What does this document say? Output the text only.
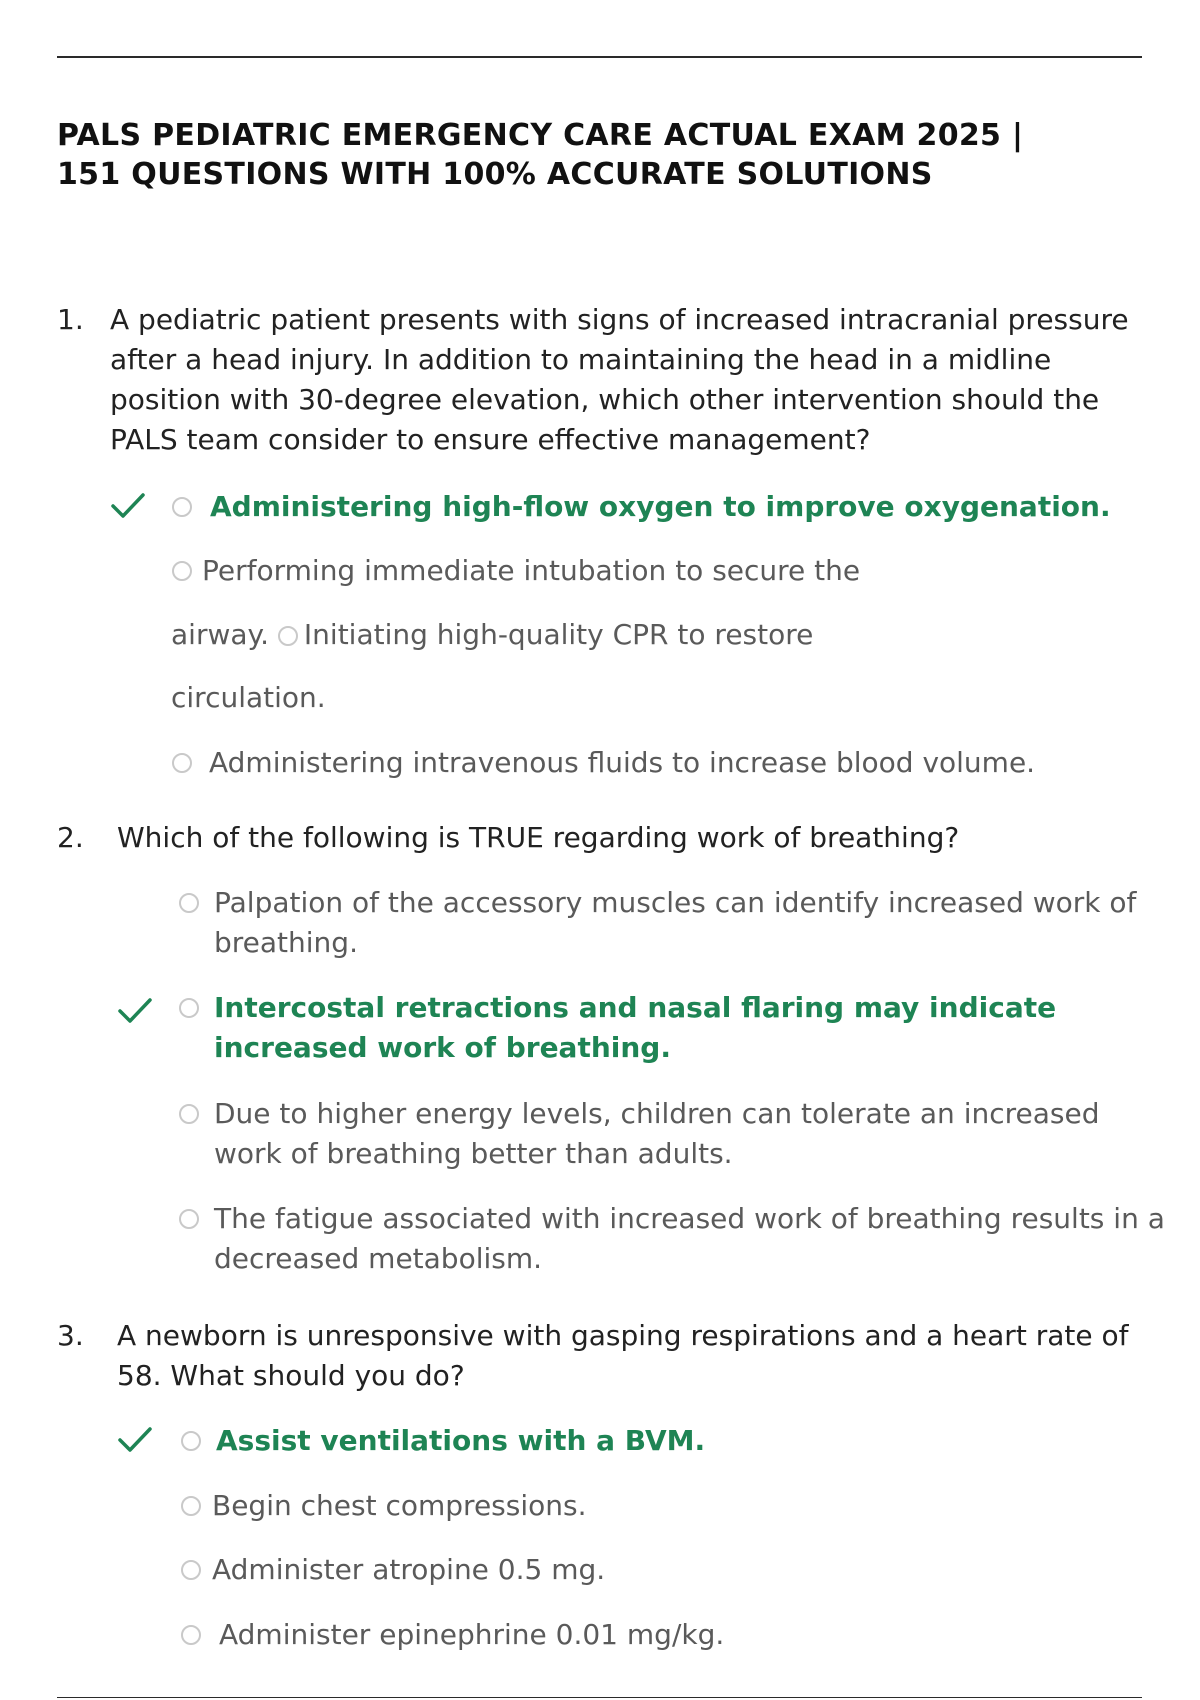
PALS PEDIATRIC EMERGENCY CARE ACTUAL EXAM 2025 |
151 QUESTIONS WITH 100% ACCURATE SOLUTIONS
1. A pediatric patient presents with signs of increased intracranial pressure after a head injury. In addition to maintaining the head in a midline position with 30-degree elevation, which other intervention should the PALS team consider to ensure effective management?
Administering high-flow oxygen to improve oxygenation.
Performing immediate intubation to secure the
airway. Initiating high-quality CPR to restore
circulation.
Administering intravenous fluids to increase blood volume.
2. Which of the following is TRUE regarding work of breathing?
Palpation of the accessory muscles can identify increased work of breathing.
Intercostal retractions and nasal flaring may indicate increased work of breathing.
Due to higher energy levels, children can tolerate an increased work of breathing better than adults.
The fatigue associated with increased work of breathing results in a decreased metabolism.
3. A newborn is unresponsive with gasping respirations and a heart rate of 58. What should you do?
Assist ventilations with a BVM.
Begin chest compressions.
Administer atropine 0.5 mg.
Administer epinephrine 0.01 mg/kg.
